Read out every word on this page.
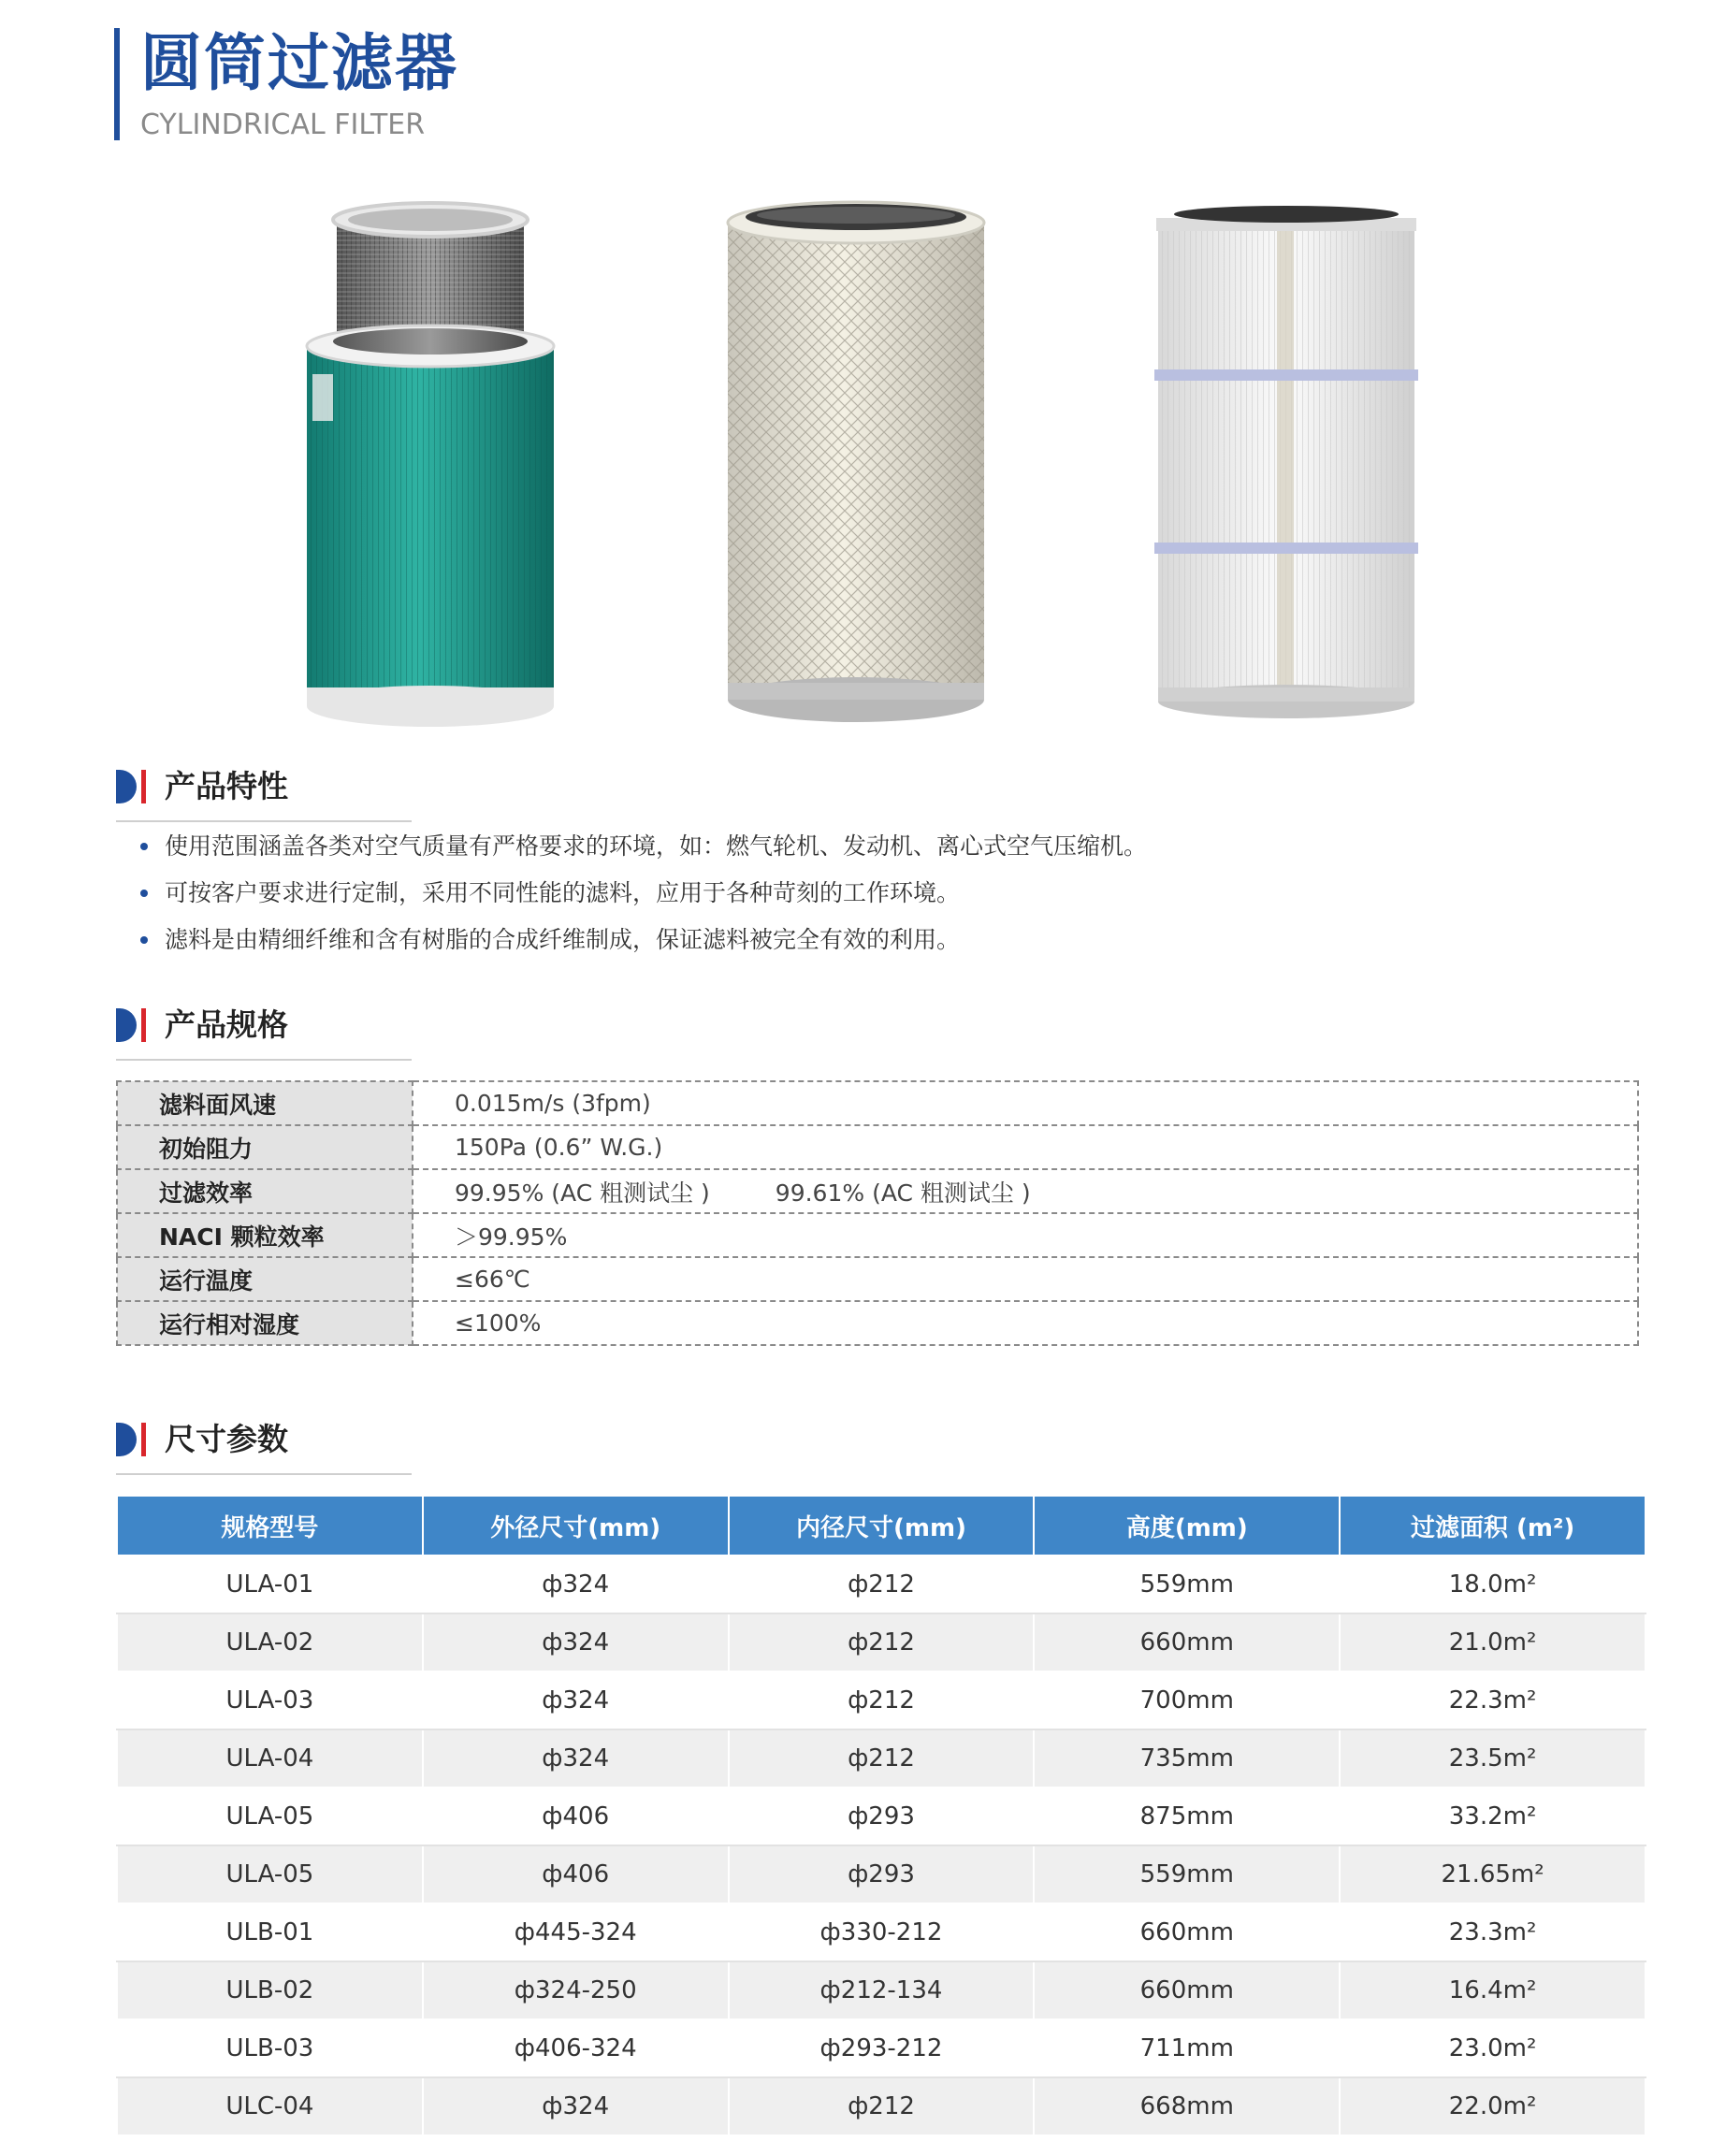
圆筒过滤器
CYLINDRICAL FILTER
产品特性
使用范围涵盖各类对空气质量有严格要求的环境，如：燃气轮机、发动机、离心式空气压缩机。
可按客户要求进行定制，采用不同性能的滤料，应用于各种苛刻的工作环境。
滤料是由精细纤维和含有树脂的合成纤维制成，保证滤料被完全有效的利用。
产品规格
滤料面风速	0.015m/s (3fpm)
初始阻力	150Pa (0.6” W.G.)
过滤效率	99.95% (AC 粗测试尘 ) 99.61% (AC 粗测试尘 )
NACI 颗粒效率	＞99.95%
运行温度	≤66℃
运行相对湿度	≤100%
尺寸参数
规格型号	外径尺寸(mm)	内径尺寸(mm)	高度(mm)	过滤面积 (m²)
ULA-01	ф324	ф212	559mm	18.0m²
ULA-02	ф324	ф212	660mm	21.0m²
ULA-03	ф324	ф212	700mm	22.3m²
ULA-04	ф324	ф212	735mm	23.5m²
ULA-05	ф406	ф293	875mm	33.2m²
ULA-05	ф406	ф293	559mm	21.65m²
ULB-01	ф445-324	ф330-212	660mm	23.3m²
ULB-02	ф324-250	ф212-134	660mm	16.4m²
ULB-03	ф406-324	ф293-212	711mm	23.0m²
ULC-04	ф324	ф212	668mm	22.0m²
